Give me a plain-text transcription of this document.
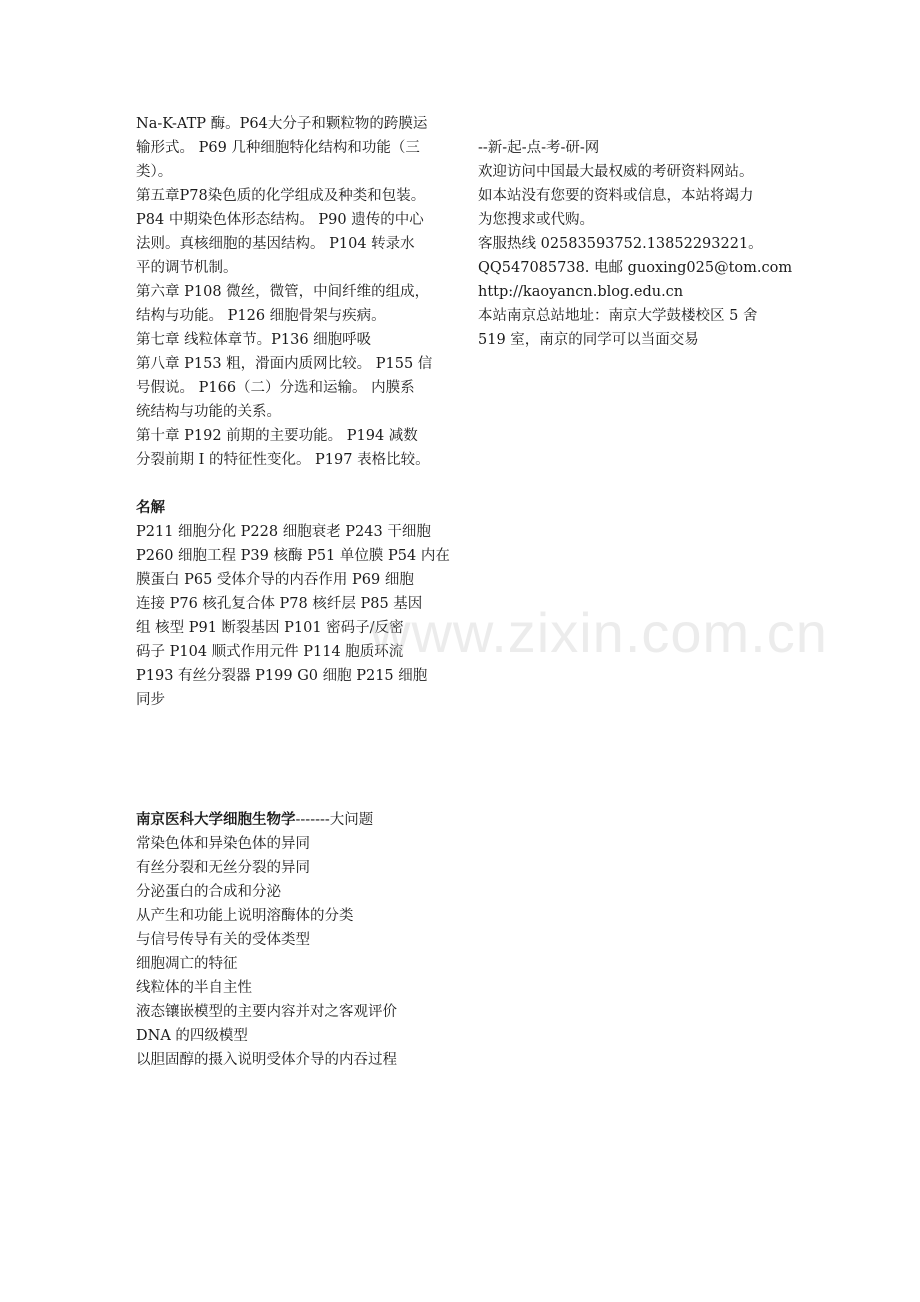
Na-K-ATP 酶。P64大分子和颗粒物的跨膜运
输形式。 P69 几种细胞特化结构和功能（三
类）。
第五章P78染色质的化学组成及种类和包装。
P84 中期染色体形态结构。 P90 遗传的中心
法则。真核细胞的基因结构。 P104 转录水
平的调节机制。
第六章 P108 微丝，微管，中间纤维的组成，
结构与功能。 P126 细胞骨架与疾病。
第七章 线粒体章节。P136 细胞呼吸
第八章 P153 粗，滑面内质网比较。 P155 信
号假说。 P166（二）分选和运输。 内膜系
统结构与功能的关系。
第十章 P192 前期的主要功能。 P194 减数
分裂前期 I 的特征性变化。 P197 表格比较。
名解
P211 细胞分化 P228 细胞衰老 P243 干细胞
P260 细胞工程 P39 核酶 P51 单位膜 P54 内在
膜蛋白 P65 受体介导的内吞作用 P69 细胞
连接 P76 核孔复合体 P78 核纤层 P85 基因
组 核型 P91 断裂基因 P101 密码子/反密
码子 P104 顺式作用元件 P114 胞质环流
P193 有丝分裂器 P199 G0 细胞 P215 细胞
同步
南京医科大学细胞生物学-------大问题
常染色体和异染色体的异同
有丝分裂和无丝分裂的异同
分泌蛋白的合成和分泌
从产生和功能上说明溶酶体的分类
与信号传导有关的受体类型
细胞凋亡的特征
线粒体的半自主性
液态镶嵌模型的主要内容并对之客观评价
DNA 的四级模型
以胆固醇的摄入说明受体介导的内吞过程
--新-起-点-考-研-网
欢迎访问中国最大最权威的考研资料网站。
如本站没有您要的资料或信息，本站将竭力
为您搜求或代购。
客服热线 02583593752.13852293221。
QQ547085738. 电邮 guoxing025@tom.com
http://kaoyancn.blog.edu.cn
本站南京总站地址：南京大学鼓楼校区 5 舍
519 室，南京的同学可以当面交易
www.zixin.com.cn
